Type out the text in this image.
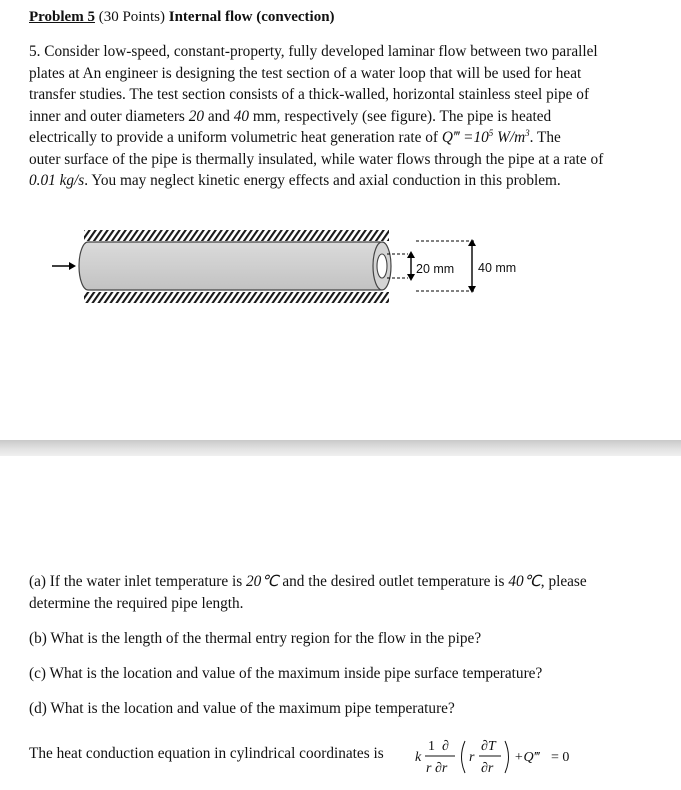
Problem 5 (30 Points) Internal flow (convection)
5. Consider low-speed, constant-property, fully developed laminar flow between two parallel
plates at An engineer is designing the test section of a water loop that will be used for heat
transfer studies. The test section consists of a thick-walled, horizontal stainless steel pipe of
inner and outer diameters 20 and 40 mm, respectively (see figure). The pipe is heated
electrically to provide a uniform volumetric heat generation rate of Q‴ $=10^5$ $W/m^3$. The
outer surface of the pipe is thermally insulated, while water flows through the pipe at a rate of
0.01 kg/s. You may neglect kinetic energy effects and axial conduction in this problem.
20 mm 40 mm
(a) If the water inlet temperature is 20℃ and the desired outlet temperature is 40℃, please
determine the required pipe length.
(b) What is the length of the thermal entry region for the flow in the pipe?
(c) What is the location and value of the maximum inside pipe surface temperature?
(d) What is the location and value of the maximum pipe temperature?
The heat conduction equation in cylindrical coordinates is k
1 ∂
r ∂r
r
∂T
∂r
+Q‴ = 0
